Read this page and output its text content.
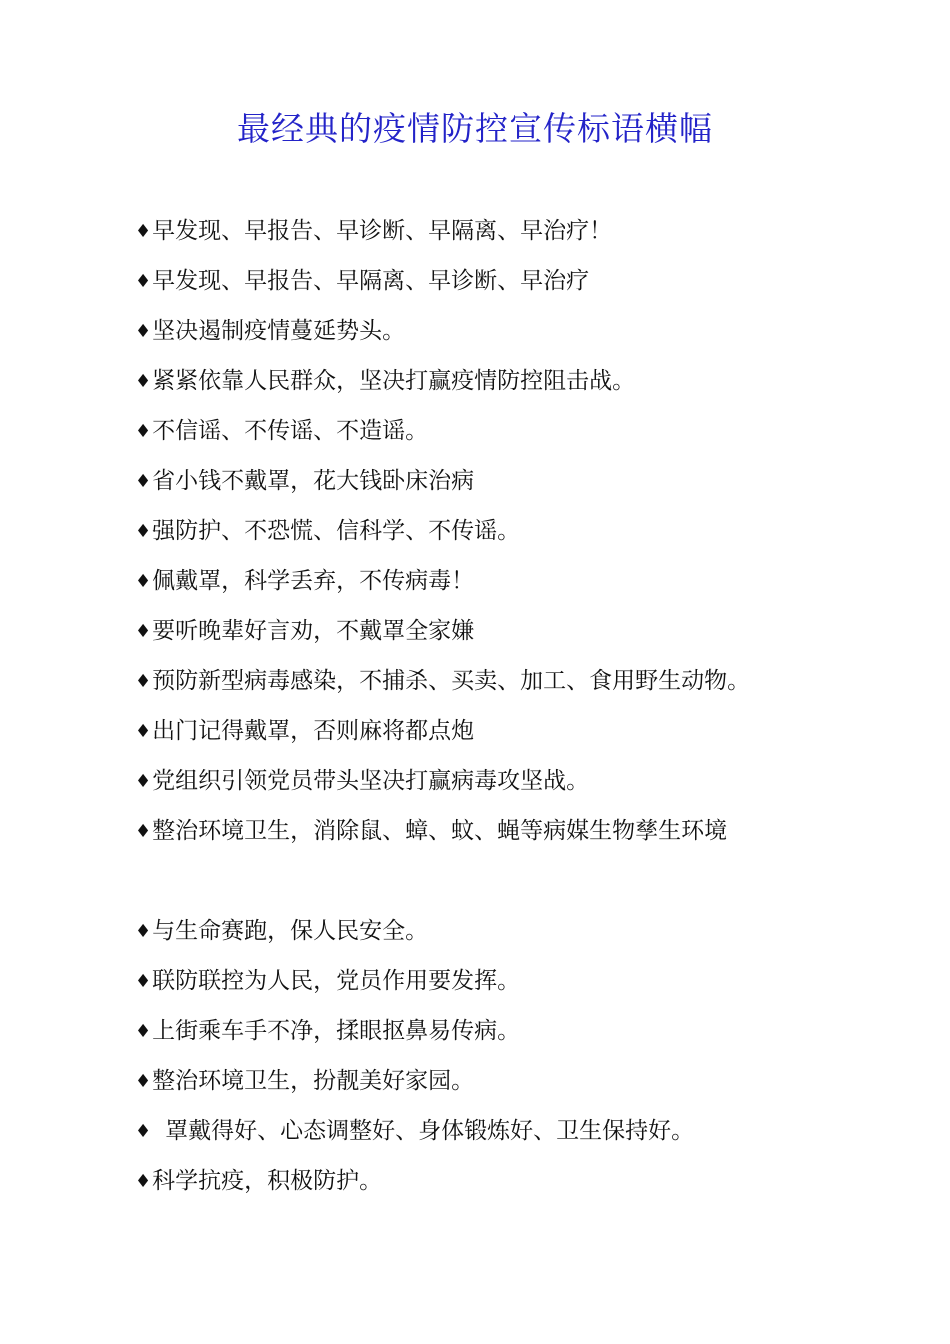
最经典的疫情防控宣传标语横幅
♦早发现、早报告、早诊断、早隔离、早治疗！
♦早发现、早报告、早隔离、早诊断、早治疗
♦坚决遏制疫情蔓延势头。
♦紧紧依靠人民群众，坚决打赢疫情防控阻击战。
♦不信谣、不传谣、不造谣。
♦省小钱不戴罩，花大钱卧床治病
♦强防护、不恐慌、信科学、不传谣。
♦佩戴罩，科学丢弃，不传病毒！
♦要听晚辈好言劝，不戴罩全家嫌
♦预防新型病毒感染，不捕杀、买卖、加工、食用野生动物。
♦出门记得戴罩，否则麻将都点炮
♦党组织引领党员带头坚决打赢病毒攻坚战。
♦整治环境卫生，消除鼠、蟑、蚊、蝇等病媒生物孳生环境
♦与生命赛跑，保人民安全。
♦联防联控为人民，党员作用要发挥。
♦上街乘车手不净，揉眼抠鼻易传病。
♦整治环境卫生，扮靓美好家园。
♦ 罩戴得好、心态调整好、身体锻炼好、卫生保持好。
♦科学抗疫，积极防护。
